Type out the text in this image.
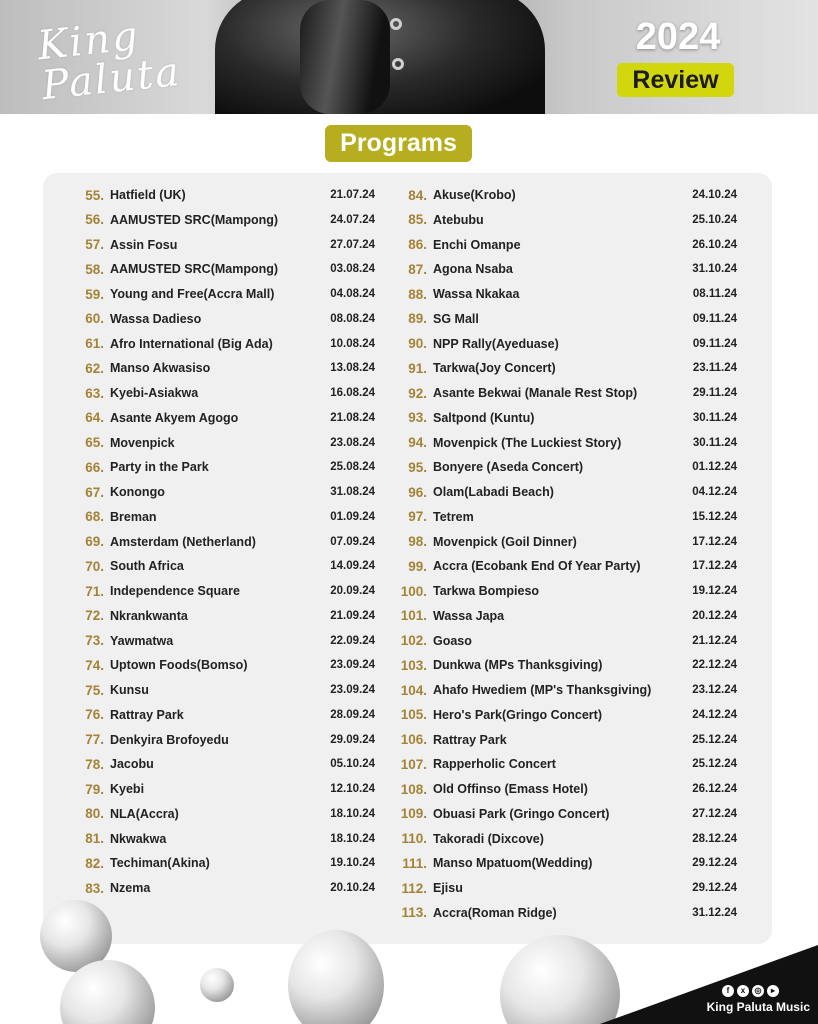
King Paluta
2024
Review
Programs
55. Hatfield (UK)	21.07.24
56. AAMUSTED SRC(Mampong)	24.07.24
57. Assin Fosu	27.07.24
58. AAMUSTED SRC(Mampong)	03.08.24
59. Young and Free(Accra Mall)	04.08.24
60. Wassa Dadieso	08.08.24
61. Afro International (Big Ada)	10.08.24
62. Manso Akwasiso	13.08.24
63. Kyebi-Asiakwa	16.08.24
64. Asante Akyem Agogo	21.08.24
65. Movenpick	23.08.24
66. Party in the Park	25.08.24
67. Konongo	31.08.24
68. Breman	01.09.24
69. Amsterdam (Netherland)	07.09.24
70. South Africa	14.09.24
71. Independence Square	20.09.24
72. Nkrankwanta	21.09.24
73. Yawmatwa	22.09.24
74. Uptown Foods(Bomso)	23.09.24
75. Kunsu	23.09.24
76. Rattray Park	28.09.24
77. Denkyira Brofoyedu	29.09.24
78. Jacobu	05.10.24
79. Kyebi	12.10.24
80. NLA(Accra)	18.10.24
81. Nkwakwa	18.10.24
82. Techiman(Akina)	19.10.24
83. Nzema	20.10.24
84. Akuse(Krobo)	24.10.24
85. Atebubu	25.10.24
86. Enchi Omanpe	26.10.24
87. Agona Nsaba	31.10.24
88. Wassa Nkakaa	08.11.24
89. SG Mall	09.11.24
90. NPP Rally(Ayeduase)	09.11.24
91. Tarkwa(Joy Concert)	23.11.24
92. Asante Bekwai (Manale Rest Stop)	29.11.24
93. Saltpond (Kuntu)	30.11.24
94. Movenpick (The Luckiest Story)	30.11.24
95. Bonyere (Aseda Concert)	01.12.24
96. Olam(Labadi Beach)	04.12.24
97. Tetrem	15.12.24
98. Movenpick (Goil Dinner)	17.12.24
99. Accra (Ecobank End Of Year Party)	17.12.24
100. Tarkwa Bompieso	19.12.24
101. Wassa Japa	20.12.24
102. Goaso	21.12.24
103. Dunkwa (MPs Thanksgiving)	22.12.24
104. Ahafo Hwediem (MP's Thanksgiving)	23.12.24
105. Hero's Park(Gringo Concert)	24.12.24
106. Rattray Park	25.12.24
107. Rapperholic Concert	25.12.24
108. Old Offinso (Emass Hotel)	26.12.24
109. Obuasi Park (Gringo Concert)	27.12.24
110. Takoradi (Dixcove)	28.12.24
111. Manso Mpatuom(Wedding)	29.12.24
112. Ejisu	29.12.24
113. Accra(Roman Ridge)	31.12.24
f	x	◎	▸
King Paluta Music
